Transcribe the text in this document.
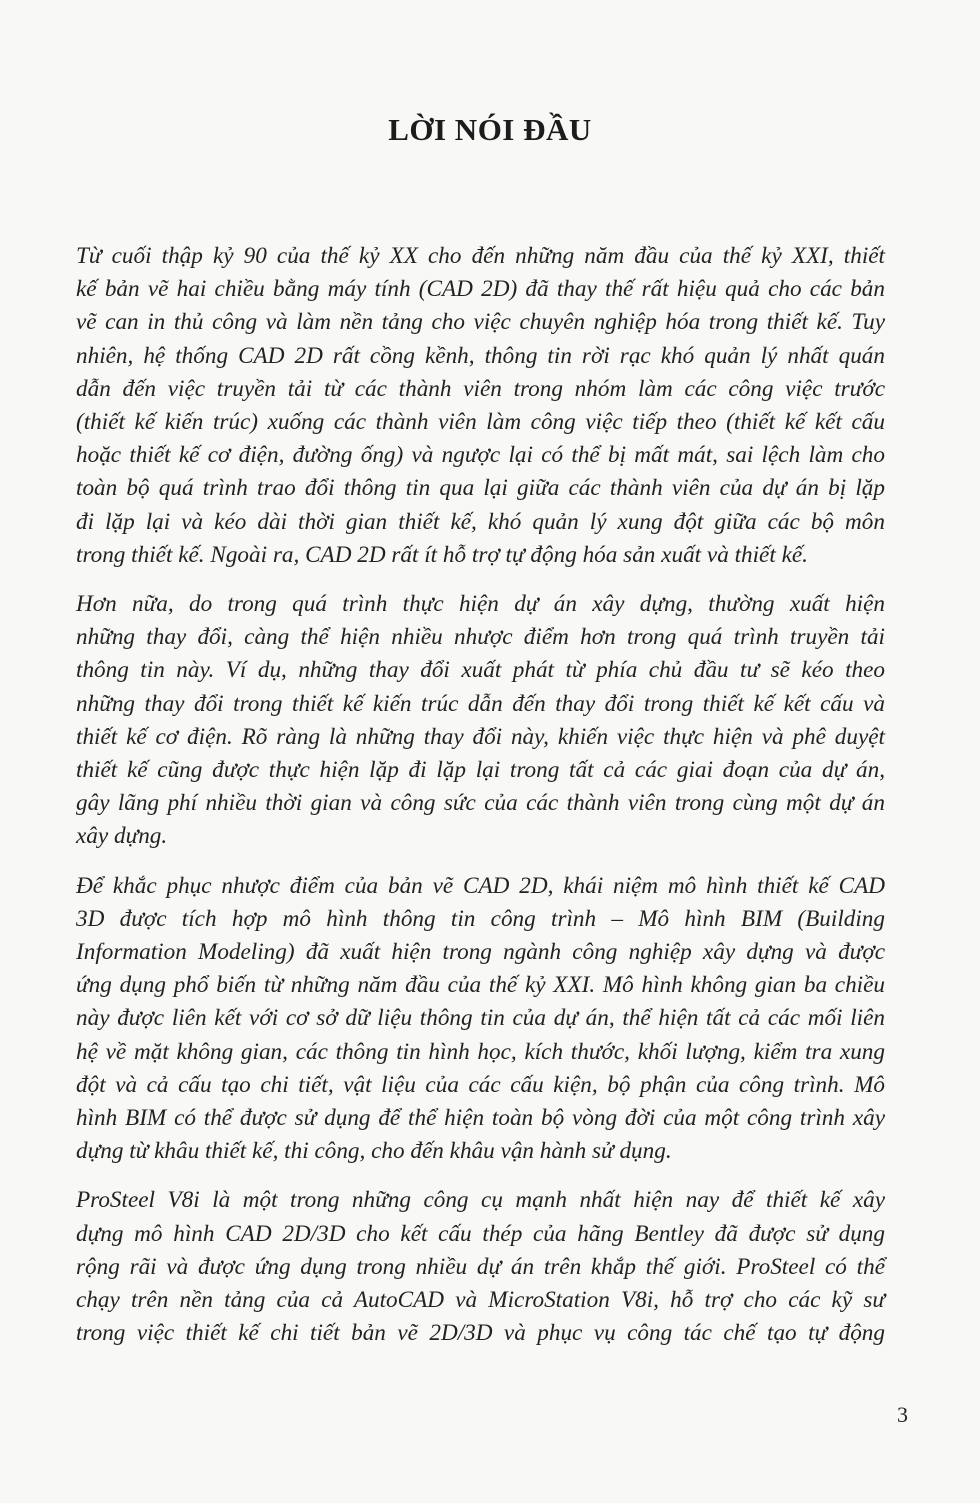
LỜI NÓI ĐẦU
Từ cuối thập kỷ 90 của thế kỷ XX cho đến những năm đầu của thế kỷ XXI, thiết
kế bản vẽ hai chiều bằng máy tính (CAD 2D) đã thay thế rất hiệu quả cho các bản
vẽ can in thủ công và làm nền tảng cho việc chuyên nghiệp hóa trong thiết kế. Tuy
nhiên, hệ thống CAD 2D rất cồng kềnh, thông tin rời rạc khó quản lý nhất quán
dẫn đến việc truyền tải từ các thành viên trong nhóm làm các công việc trước
(thiết kế kiến trúc) xuống các thành viên làm công việc tiếp theo (thiết kế kết cấu
hoặc thiết kế cơ điện, đường ống) và ngược lại có thể bị mất mát, sai lệch làm cho
toàn bộ quá trình trao đổi thông tin qua lại giữa các thành viên của dự án bị lặp
đi lặp lại và kéo dài thời gian thiết kế, khó quản lý xung đột giữa các bộ môn
trong thiết kế. Ngoài ra, CAD 2D rất ít hỗ trợ tự động hóa sản xuất và thiết kế.
Hơn nữa, do trong quá trình thực hiện dự án xây dựng, thường xuất hiện
những thay đổi, càng thể hiện nhiều nhược điểm hơn trong quá trình truyền tải
thông tin này. Ví dụ, những thay đổi xuất phát từ phía chủ đầu tư sẽ kéo theo
những thay đổi trong thiết kế kiến trúc dẫn đến thay đổi trong thiết kế kết cấu và
thiết kế cơ điện. Rõ ràng là những thay đổi này, khiến việc thực hiện và phê duyệt
thiết kế cũng được thực hiện lặp đi lặp lại trong tất cả các giai đoạn của dự án,
gây lãng phí nhiều thời gian và công sức của các thành viên trong cùng một dự án
xây dựng.
Để khắc phục nhược điểm của bản vẽ CAD 2D, khái niệm mô hình thiết kế CAD
3D được tích hợp mô hình thông tin công trình – Mô hình BIM (Building
Information Modeling) đã xuất hiện trong ngành công nghiệp xây dựng và được
ứng dụng phổ biến từ những năm đầu của thế kỷ XXI. Mô hình không gian ba chiều
này được liên kết với cơ sở dữ liệu thông tin của dự án, thể hiện tất cả các mối liên
hệ về mặt không gian, các thông tin hình học, kích thước, khối lượng, kiểm tra xung
đột và cả cấu tạo chi tiết, vật liệu của các cấu kiện, bộ phận của công trình. Mô
hình BIM có thể được sử dụng để thể hiện toàn bộ vòng đời của một công trình xây
dựng từ khâu thiết kế, thi công, cho đến khâu vận hành sử dụng.
ProSteel V8i là một trong những công cụ mạnh nhất hiện nay để thiết kế xây
dựng mô hình CAD 2D/3D cho kết cấu thép của hãng Bentley đã được sử dụng
rộng rãi và được ứng dụng trong nhiều dự án trên khắp thế giới. ProSteel có thể
chạy trên nền tảng của cả AutoCAD và MicroStation V8i, hỗ trợ cho các kỹ sư
trong việc thiết kế chi tiết bản vẽ 2D/3D và phục vụ công tác chế tạo tự động
3
